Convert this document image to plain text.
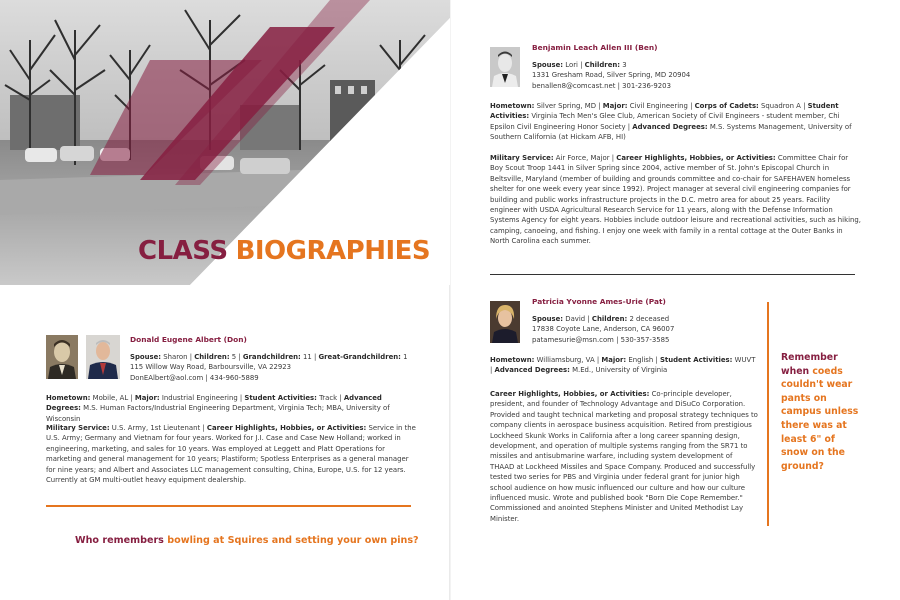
CLASS BIOGRAPHIES
Donald Eugene Albert (Don)
Spouse: Sharon | Children: 5 | Grandchildren: 11 | Great-Grandchildren: 1
115 Willow Way Road, Barboursville, VA 22923
DonEAlbert@aol.com | 434-960-5889
Hometown: Mobile, AL | Major: Industrial Engineering | Student Activities: Track | Advanced Degrees: M.S. Human Factors/Industrial Engineering Department, Virginia Tech; MBA, University of Wisconsin
Military Service: U.S. Army, 1st Lieutenant | Career Highlights, Hobbies, or Activities: Service in the U.S. Army; Germany and Vietnam for four years. Worked for J.I. Case and Case New Holland; worked in engineering, marketing, and sales for 10 years. Was employed at Leggett and Platt Operations for marketing and general management for 10 years; Plastiform; Spotless Enterprises as a general manager for nine years; and Albert and Associates LLC management consulting, China, Europe, U.S. for 12 years. Currently at GM multi-outlet heavy equipment dealership.
Who remembers bowling at Squires and setting your own pins?
Benjamin Leach Allen III (Ben)
Spouse: Lori | Children: 3
1331 Gresham Road, Silver Spring, MD 20904
benallen8@comcast.net | 301-236-9203
Hometown: Silver Spring, MD | Major: Civil Engineering | Corps of Cadets: Squadron A | Student Activities: Virginia Tech Men's Glee Club, American Society of Civil Engineers - student member, Chi Epsilon Civil Engineering Honor Society | Advanced Degrees: M.S. Systems Management, University of Southern California (at Hickam AFB, HI)
Military Service: Air Force, Major | Career Highlights, Hobbies, or Activities: Committee Chair for Boy Scout Troop 1441 in Silver Spring since 2004, active member of St. John's Episcopal Church in Beltsville, Maryland (member of building and grounds committee and co-chair for SAFEHAVEN homeless shelter for one week every year since 1992). Project manager at several civil engineering companies for building and public works infrastructure projects in the D.C. metro area for about 25 years. Facility engineer with USDA Agricultural Research Service for 11 years, along with the Defense Information Systems Agency for eight years. Hobbies include outdoor leisure and recreational activities, such as hiking, camping, canoeing, and fishing. I enjoy one week with family in a rental cottage at the Outer Banks in North Carolina each summer.
Patricia Yvonne Ames-Urie (Pat)
Spouse: David | Children: 2 deceased
17838 Coyote Lane, Anderson, CA 96007
patamesurie@msn.com | 530-357-3585
Hometown: Williamsburg, VA | Major: English | Student Activities: WUVT | Advanced Degrees: M.Ed., University of Virginia
Career Highlights, Hobbies, or Activities: Co-principle developer, president, and founder of Technology Advantage and DiSuCo Corporation. Provided and taught technical marketing and proposal strategy techniques to company clients in aerospace business acquisition. Retired from prestigious Lockheed Skunk Works in California after a long career spanning design, development, and operation of multiple systems ranging from the SR71 to missiles and antisubmarine warfare, including system development of THAAD at Lockheed Missiles and Space Company. Produced and successfully tested two series for PBS and Virginia under federal grant for junior high school audience on how music influenced our culture and how our culture influenced music. Wrote and published book "Born Die Cope Remember." Commissioned and anointed Stephens Minister and United Methodist Lay Minister.
Remember when coeds couldn't wear pants on campus unless there was at least 6" of snow on the ground?
